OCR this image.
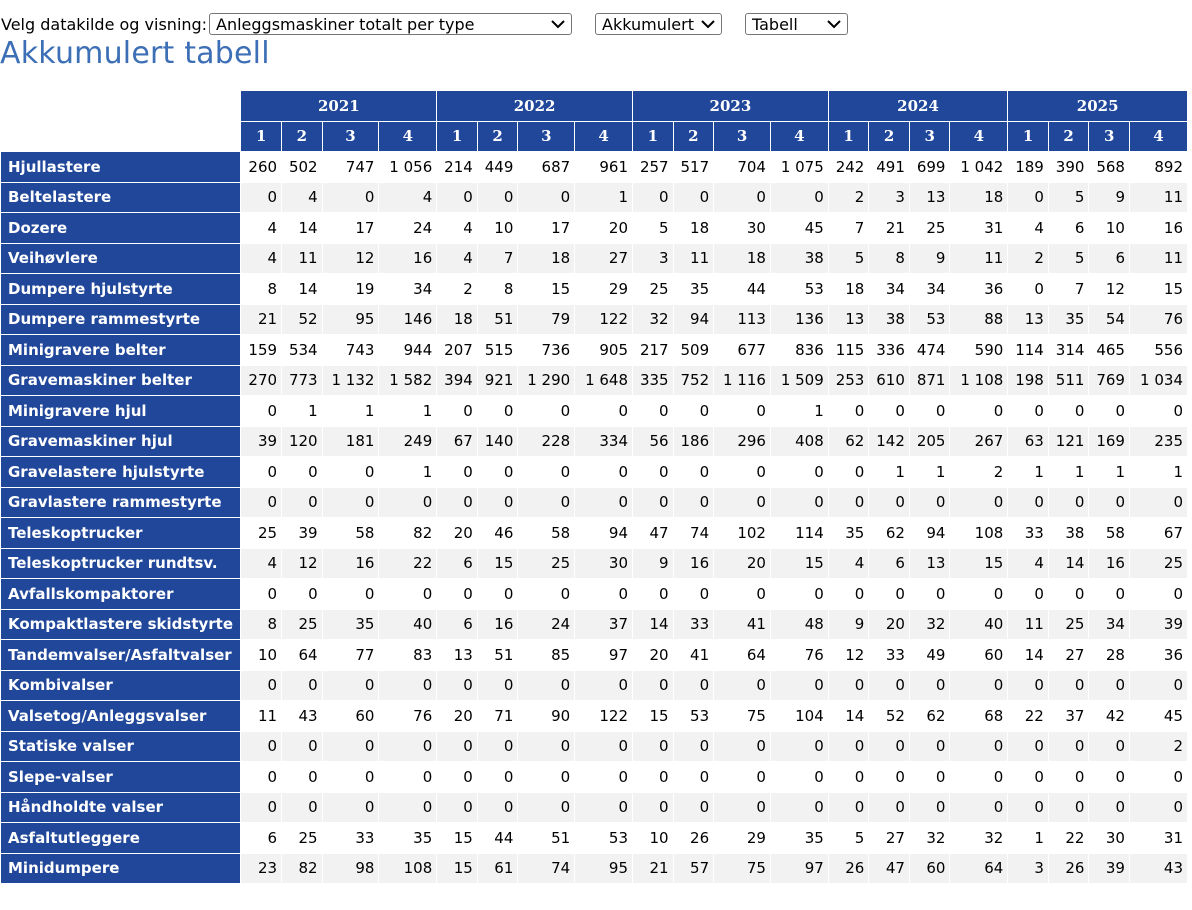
Velg datakilde og visning: Anleggsmaskiner totalt per type	Akkumulert	Tabell
Akkumulert tabell
	2021				2022				2023				2024				2025			
	1	2	3	4	1	2	3	4	1	2	3	4	1	2	3	4	1	2	3	4
Hjullastere	260	502	747	1 056	214	449	687	961	257	517	704	1 075	242	491	699	1 042	189	390	568	892
Beltelastere	0	4	0	4	0	0	0	1	0	0	0	0	2	3	13	18	0	5	9	11
Dozere	4	14	17	24	4	10	17	20	5	18	30	45	7	21	25	31	4	6	10	16
Veihøvlere	4	11	12	16	4	7	18	27	3	11	18	38	5	8	9	11	2	5	6	11
Dumpere hjulstyrte	8	14	19	34	2	8	15	29	25	35	44	53	18	34	34	36	0	7	12	15
Dumpere rammestyrte	21	52	95	146	18	51	79	122	32	94	113	136	13	38	53	88	13	35	54	76
Minigravere belter	159	534	743	944	207	515	736	905	217	509	677	836	115	336	474	590	114	314	465	556
Gravemaskiner belter	270	773	1 132	1 582	394	921	1 290	1 648	335	752	1 116	1 509	253	610	871	1 108	198	511	769	1 034
Minigravere hjul	0	1	1	1	0	0	0	0	0	0	0	1	0	0	0	0	0	0	0	0
Gravemaskiner hjul	39	120	181	249	67	140	228	334	56	186	296	408	62	142	205	267	63	121	169	235
Gravelastere hjulstyrte	0	0	0	1	0	0	0	0	0	0	0	0	0	1	1	2	1	1	1	1
Gravlastere rammestyrte	0	0	0	0	0	0	0	0	0	0	0	0	0	0	0	0	0	0	0	0
Teleskoptrucker	25	39	58	82	20	46	58	94	47	74	102	114	35	62	94	108	33	38	58	67
Teleskoptrucker rundtsv.	4	12	16	22	6	15	25	30	9	16	20	15	4	6	13	15	4	14	16	25
Avfallskompaktorer	0	0	0	0	0	0	0	0	0	0	0	0	0	0	0	0	0	0	0	0
Kompaktlastere skidstyrte	8	25	35	40	6	16	24	37	14	33	41	48	9	20	32	40	11	25	34	39
Tandemvalser/Asfaltvalser	10	64	77	83	13	51	85	97	20	41	64	76	12	33	49	60	14	27	28	36
Kombivalser	0	0	0	0	0	0	0	0	0	0	0	0	0	0	0	0	0	0	0	0
Valsetog/Anleggsvalser	11	43	60	76	20	71	90	122	15	53	75	104	14	52	62	68	22	37	42	45
Statiske valser	0	0	0	0	0	0	0	0	0	0	0	0	0	0	0	0	0	0	0	2
Slepe-valser	0	0	0	0	0	0	0	0	0	0	0	0	0	0	0	0	0	0	0	0
Håndholdte valser	0	0	0	0	0	0	0	0	0	0	0	0	0	0	0	0	0	0	0	0
Asfaltutleggere	6	25	33	35	15	44	51	53	10	26	29	35	5	27	32	32	1	22	30	31
Minidumpere	23	82	98	108	15	61	74	95	21	57	75	97	26	47	60	64	3	26	39	43
